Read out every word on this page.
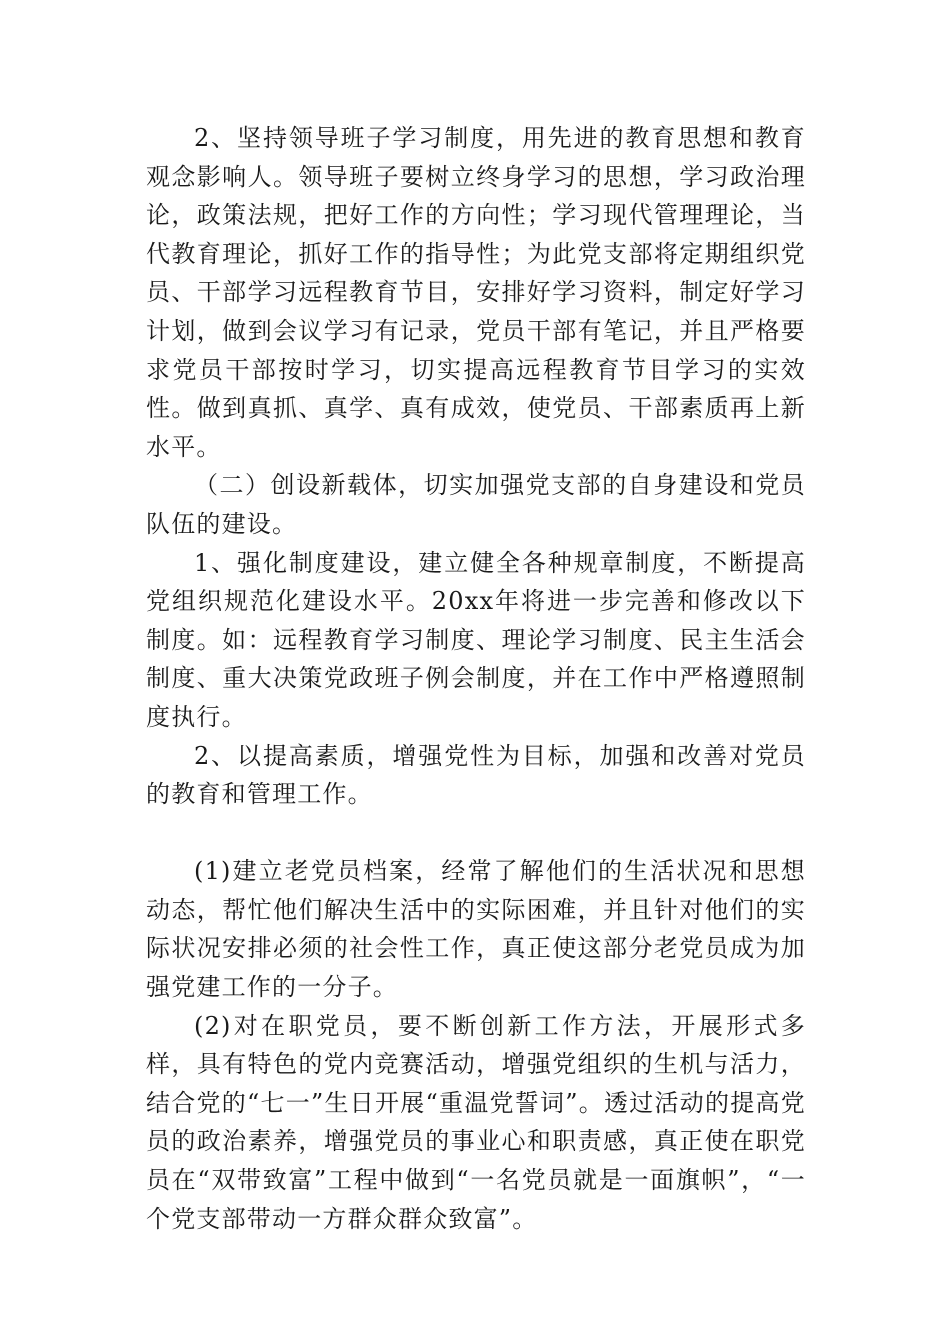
2、坚持领导班子学习制度，用先进的教育思想和教育观念影响人。领导班子要树立终身学习的思想，学习政治理论，政策法规，把好工作的方向性；学习现代管理理论，当代教育理论，抓好工作的指导性；为此党支部将定期组织党员、干部学习远程教育节目，安排好学习资料，制定好学习计划，做到会议学习有记录，党员干部有笔记，并且严格要求党员干部按时学习，切实提高远程教育节目学习的实效性。做到真抓、真学、真有成效，使党员、干部素质再上新水平。

（二）创设新载体，切实加强党支部的自身建设和党员队伍的建设。

1、强化制度建设，建立健全各种规章制度，不断提高党组织规范化建设水平。20xx年将进一步完善和修改以下制度。如：远程教育学习制度、理论学习制度、民主生活会制度、重大决策党政班子例会制度，并在工作中严格遵照制度执行。

2、以提高素质，增强党性为目标，加强和改善对党员的教育和管理工作。

(1)建立老党员档案，经常了解他们的生活状况和思想动态，帮忙他们解决生活中的实际困难，并且针对他们的实际状况安排必须的社会性工作，真正使这部分老党员成为加强党建工作的一分子。

(2)对在职党员，要不断创新工作方法，开展形式多样，具有特色的党内竞赛活动，增强党组织的生机与活力，结合党的“七一”生日开展“重温党誓词”。透过活动的提高党员的政治素养，增强党员的事业心和职责感，真正使在职党员在“双带致富”工程中做到“一名党员就是一面旗帜”，“一个党支部带动一方群众群众致富”。
